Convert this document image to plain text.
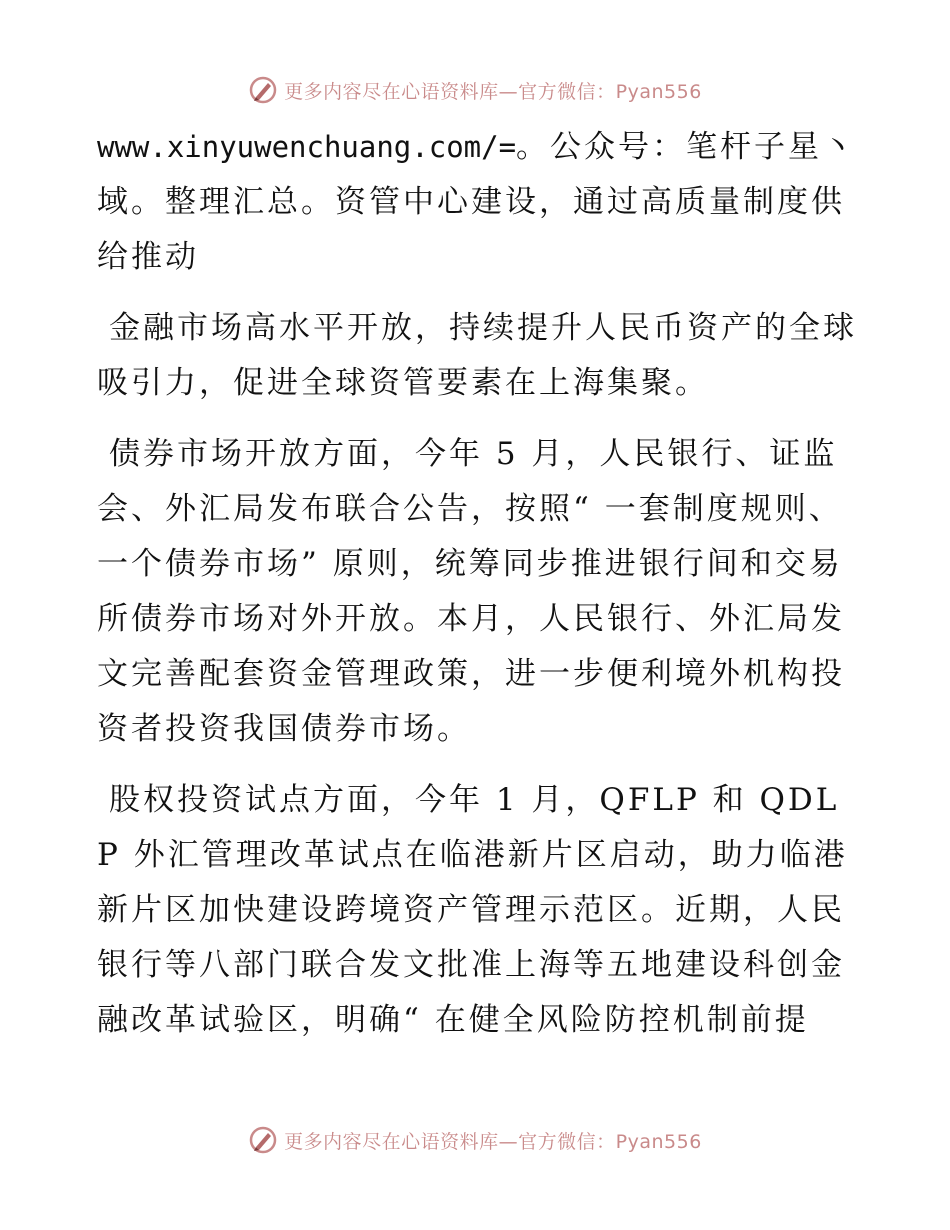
更多内容尽在心语资料库—官方微信：Pyan556

www.xinyuwenchuang.com/=。公众号：笔杆子星丶域。整理汇总。资管中心建设，通过高质量制度供给推动

金融市场高水平开放，持续提升人民币资产的全球吸引力，促进全球资管要素在上海集聚。

债券市场开放方面，今年 5 月，人民银行、证监会、外汇局发布联合公告，按照“ 一套制度规则、一个债券市场” 原则，统筹同步推进银行间和交易所债券市场对外开放。本月，人民银行、外汇局发文完善配套资金管理政策，进一步便利境外机构投资者投资我国债券市场。

股权投资试点方面，今年 1 月，QFLP 和 QDLP 外汇管理改革试点在临港新片区启动，助力临港新片区加快建设跨境资产管理示范区。近期，人民银行等八部门联合发文批准上海等五地建设科创金融改革试验区，明确“ 在健全风险防控机制前提

更多内容尽在心语资料库—官方微信：Pyan556
